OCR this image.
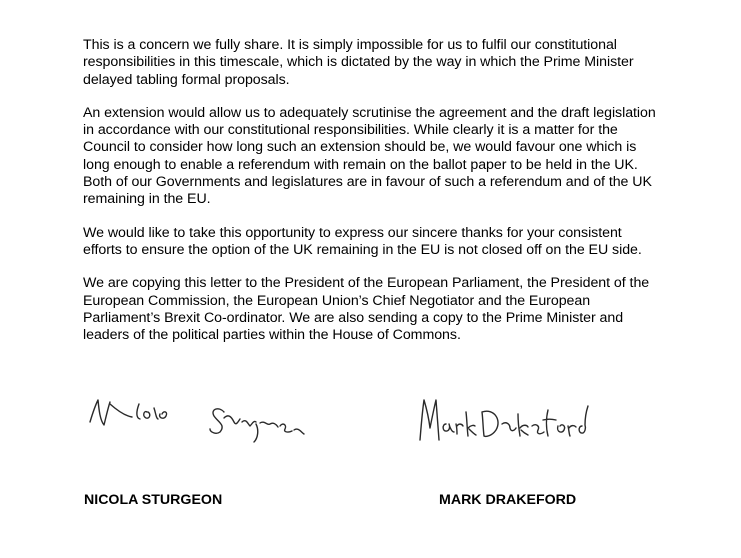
This is a concern we fully share. It is simply impossible for us to fulfil our constitutional
responsibilities in this timescale, which is dictated by the way in which the Prime Minister
delayed tabling formal proposals.

An extension would allow us to adequately scrutinise the agreement and the draft legislation
in accordance with our constitutional responsibilities. While clearly it is a matter for the
Council to consider how long such an extension should be, we would favour one which is
long enough to enable a referendum with remain on the ballot paper to be held in the UK.
Both of our Governments and legislatures are in favour of such a referendum and of the UK
remaining in the EU.

We would like to take this opportunity to express our sincere thanks for your consistent
efforts to ensure the option of the UK remaining in the EU is not closed off on the EU side.

We are copying this letter to the President of the European Parliament, the President of the
European Commission, the European Union’s Chief Negotiator and the European
Parliament’s Brexit Co-ordinator. We are also sending a copy to the Prime Minister and
leaders of the political parties within the House of Commons.

NICOLA STURGEON	MARK DRAKEFORD
